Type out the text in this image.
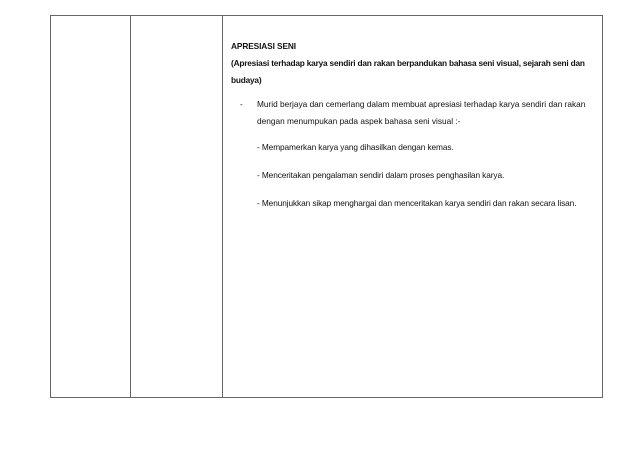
APRESIASI SENI
(Apresiasi terhadap karya sendiri dan rakan berpandukan bahasa seni visual, sejarah seni dan budaya)
-	Murid berjaya dan cemerlang dalam membuat apresiasi terhadap karya sendiri dan rakan dengan menumpukan pada aspek bahasa seni visual :-
- Mempamerkan karya yang dihasilkan dengan kemas.
- Menceritakan pengalaman sendiri dalam proses penghasilan karya.
- Menunjukkan sikap menghargai dan menceritakan karya sendiri dan rakan secara lisan.
